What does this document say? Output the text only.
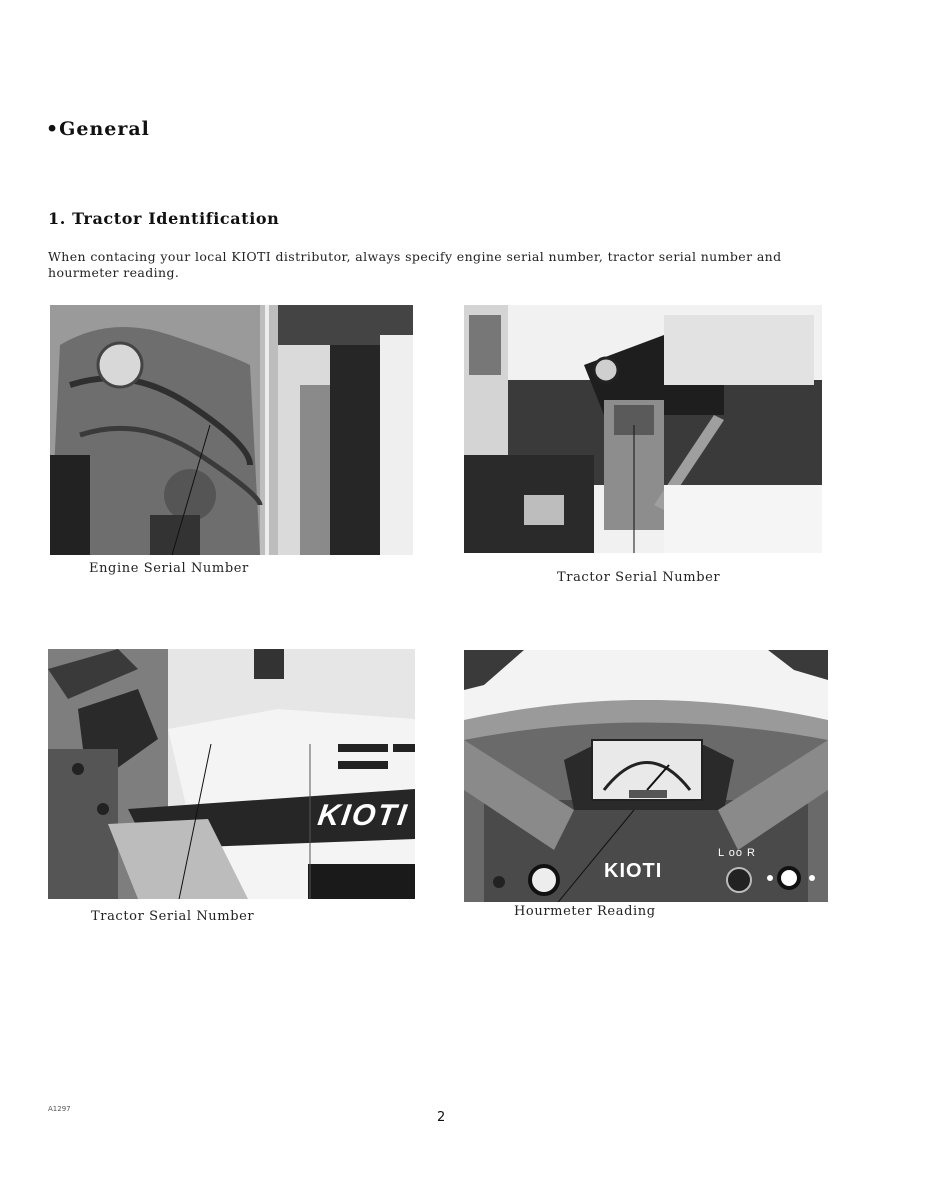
•General
1. Tractor Identification
When contacing your local KIOTI distributor, always specify engine serial number, tractor serial number and hourmeter reading.
Engine Serial Number
Tractor Serial Number
KIOTI
Tractor Serial Number
KIOTI
L oo R
Hourmeter Reading
A1297
2
